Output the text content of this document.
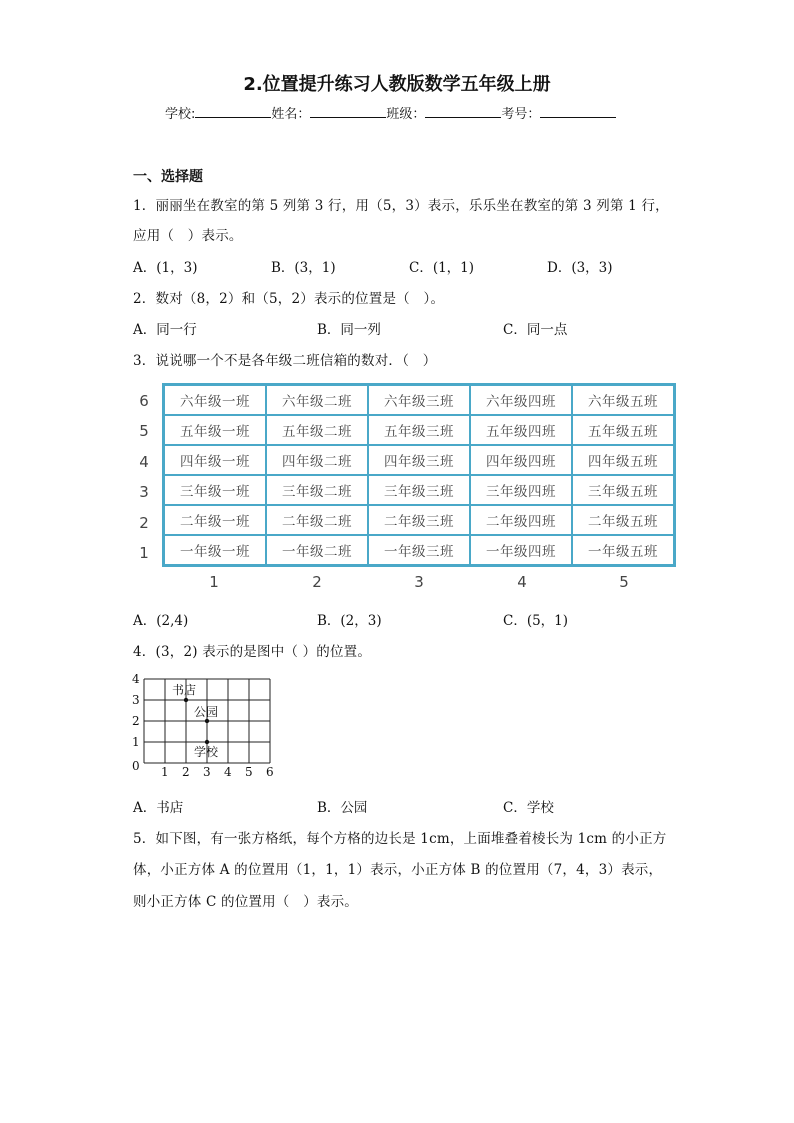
2.位置提升练习人教版数学五年级上册
学校:	姓名：	班级：	考号：
一、选择题
1．丽丽坐在教室的第 5 列第 3 行，用（5，3）表示，乐乐坐在教室的第 3 列第 1 行，
应用（　）表示。
A．(1，3)	B．(3，1)	C．(1，1)	D．(3，3)
2．数对（8，2）和（5，2）表示的位置是（　）。
A．同一行	B．同一列	C．同一点
3．说说哪一个不是各年级二班信箱的数对．（　）
6
5
4
3
2
1
六年级一班	六年级二班	六年级三班	六年级四班	六年级五班
五年级一班	五年级二班	五年级三班	五年级四班	五年级五班
四年级一班	四年级二班	四年级三班	四年级四班	四年级五班
三年级一班	三年级二班	三年级三班	三年级四班	三年级五班
二年级一班	二年级二班	二年级三班	二年级四班	二年级五班
一年级一班	一年级二班	一年级三班	一年级四班	一年级五班
1	2	3	4	5
A．(2,4)	B．(2，3)	C．(5，1)
4．(3，2) 表示的是图中（ ）的位置。
4
3
2
1
0 1 2 3 4 5 6
书店
公园
学校
A．书店	B．公园	C．学校
5．如下图，有一张方格纸，每个方格的边长是 1cm，上面堆叠着棱长为 1cm 的小正方
体，小正方体 A 的位置用（1，1，1）表示，小正方体 B 的位置用（7，4，3）表示，
则小正方体 C 的位置用（　）表示。
